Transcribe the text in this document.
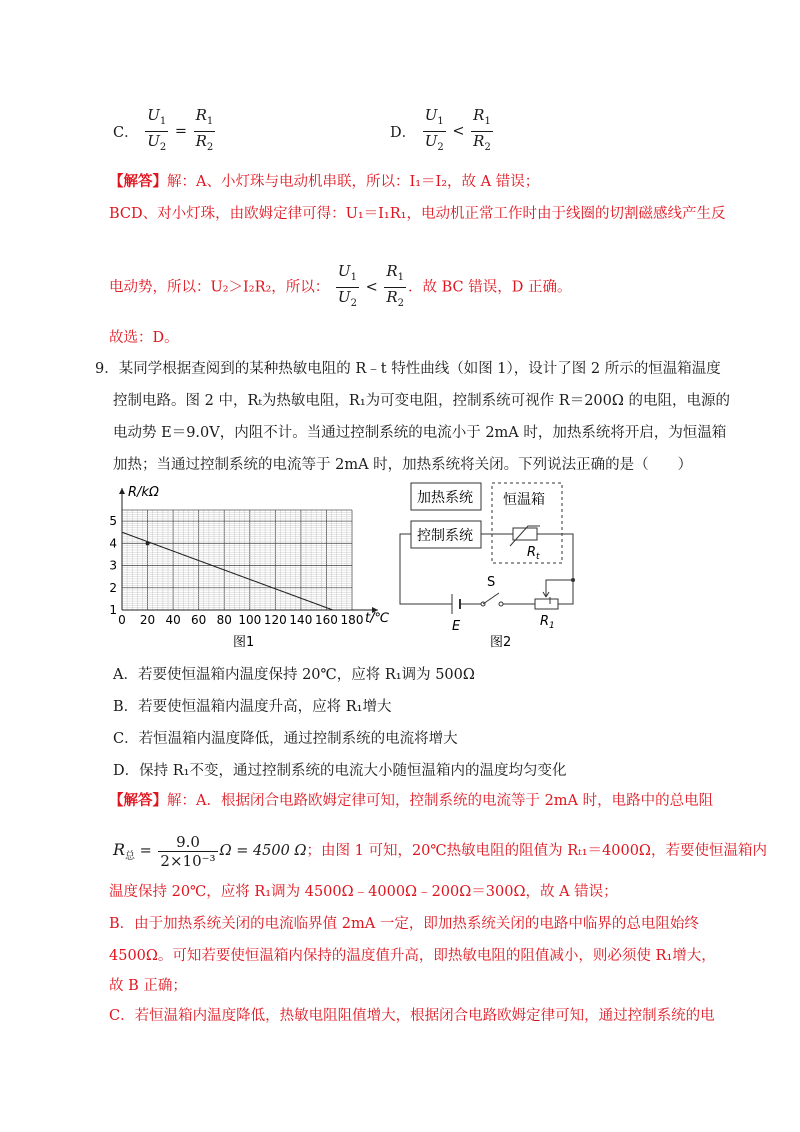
C． $\frac{U_1}{U_2} = \frac{R_1}{R_2}$	D． $\frac{U_1}{U_2} < \frac{R_1}{R_2}$
【解答】解：A、小灯珠与电动机串联，所以：I₁＝I₂，故 A 错误；
BCD、对小灯珠，由欧姆定律可得：U₁＝I₁R₁，电动机正常工作时由于线圈的切割磁感线产生反
电动势，所以：U₂＞I₂R₂，所以： $\frac{U_1}{U_2} < \frac{R_1}{R_2}$ ．故 BC 错误，D 正确。
故选：D。
9．某同学根据查阅到的某种热敏电阻的 R﹣t 特性曲线（如图 1），设计了图 2 所示的恒温箱温度
控制电路。图 2 中，Rₜ为热敏电阻，R₁为可变电阻，控制系统可视作 R＝200Ω 的电阻，电源的
电动势 E＝9.0V，内阻不计。当通过控制系统的电流小于 2mA 时，加热系统将开启，为恒温箱
加热；当通过控制系统的电流等于 2mA 时，加热系统将关闭。下列说法正确的是（　　）
0 20 40 60 80 100 120 140 160 180
1
2
3
4
5
R/kΩ
t/℃
图1
加热系统
控制系统
恒温箱
$R_t$
E
S
$R_1$
图2
A．若要使恒温箱内温度保持 20℃，应将 R₁调为 500Ω
B．若要使恒温箱内温度升高，应将 R₁增大
C．若恒温箱内温度降低，通过控制系统的电流将增大
D．保持 R₁不变，通过控制系统的电流大小随恒温箱内的温度均匀变化
【解答】解：A．根据闭合电路欧姆定律可知，控制系统的电流等于 2mA 时，电路中的总电阻
$R_总 = \frac{9.0}{\text{2×10⁻³}}$ Ω = 4500 Ω；由图 1 可知，20℃热敏电阻的阻值为 Rₜ₁＝4000Ω，若要使恒温箱内
温度保持 20℃，应将 R₁调为 4500Ω﹣4000Ω﹣200Ω＝300Ω，故 A 错误；
B．由于加热系统关闭的电流临界值 2mA 一定，即加热系统关闭的电路中临界的总电阻始终
4500Ω。可知若要使恒温箱内保持的温度值升高，即热敏电阻的阻值减小，则必须使 R₁增大，
故 B 正确；
C．若恒温箱内温度降低，热敏电阻阻值增大，根据闭合电路欧姆定律可知，通过控制系统的电
